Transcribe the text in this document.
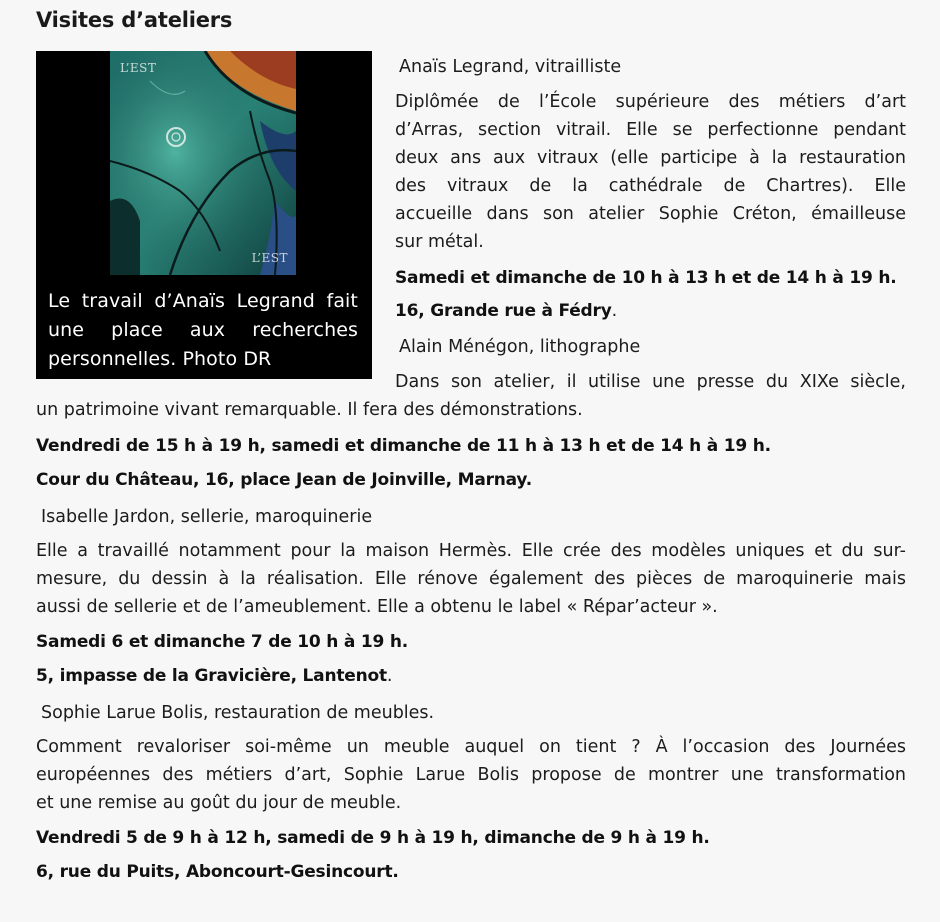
Visites d’ateliers
L’EST
L’EST
Le travail d’Anaïs Legrand fait
une place aux recherches
personnelles. Photo DR
Anaïs Legrand, vitrailliste
Diplômée de l’École supérieure des métiers d’art
d’Arras, section vitrail. Elle se perfectionne pendant
deux ans aux vitraux (elle participe à la restauration
des vitraux de la cathédrale de Chartres). Elle
accueille dans son atelier Sophie Créton, émailleuse
sur métal.
Samedi et dimanche de 10 h à 13 h et de 14 h à 19 h.
16, Grande rue à Fédry.
Alain Ménégon, lithographe
Dans son atelier, il utilise une presse du XIXe siècle,
un patrimoine vivant remarquable. Il fera des démonstrations.
Vendredi de 15 h à 19 h, samedi et dimanche de 11 h à 13 h et de 14 h à 19 h.
Cour du Château, 16, place Jean de Joinville, Marnay.
Isabelle Jardon, sellerie, maroquinerie
Elle a travaillé notamment pour la maison Hermès. Elle crée des modèles uniques et du sur-
mesure, du dessin à la réalisation. Elle rénove également des pièces de maroquinerie mais
aussi de sellerie et de l’ameublement. Elle a obtenu le label « Répar’acteur ».
Samedi 6 et dimanche 7 de 10 h à 19 h.
5, impasse de la Gravicière, Lantenot.
Sophie Larue Bolis, restauration de meubles.
Comment revaloriser soi-même un meuble auquel on tient ? À l’occasion des Journées
européennes des métiers d’art, Sophie Larue Bolis propose de montrer une transformation
et une remise au goût du jour de meuble.
Vendredi 5 de 9 h à 12 h, samedi de 9 h à 19 h, dimanche de 9 h à 19 h.
6, rue du Puits, Aboncourt-Gesincourt.
